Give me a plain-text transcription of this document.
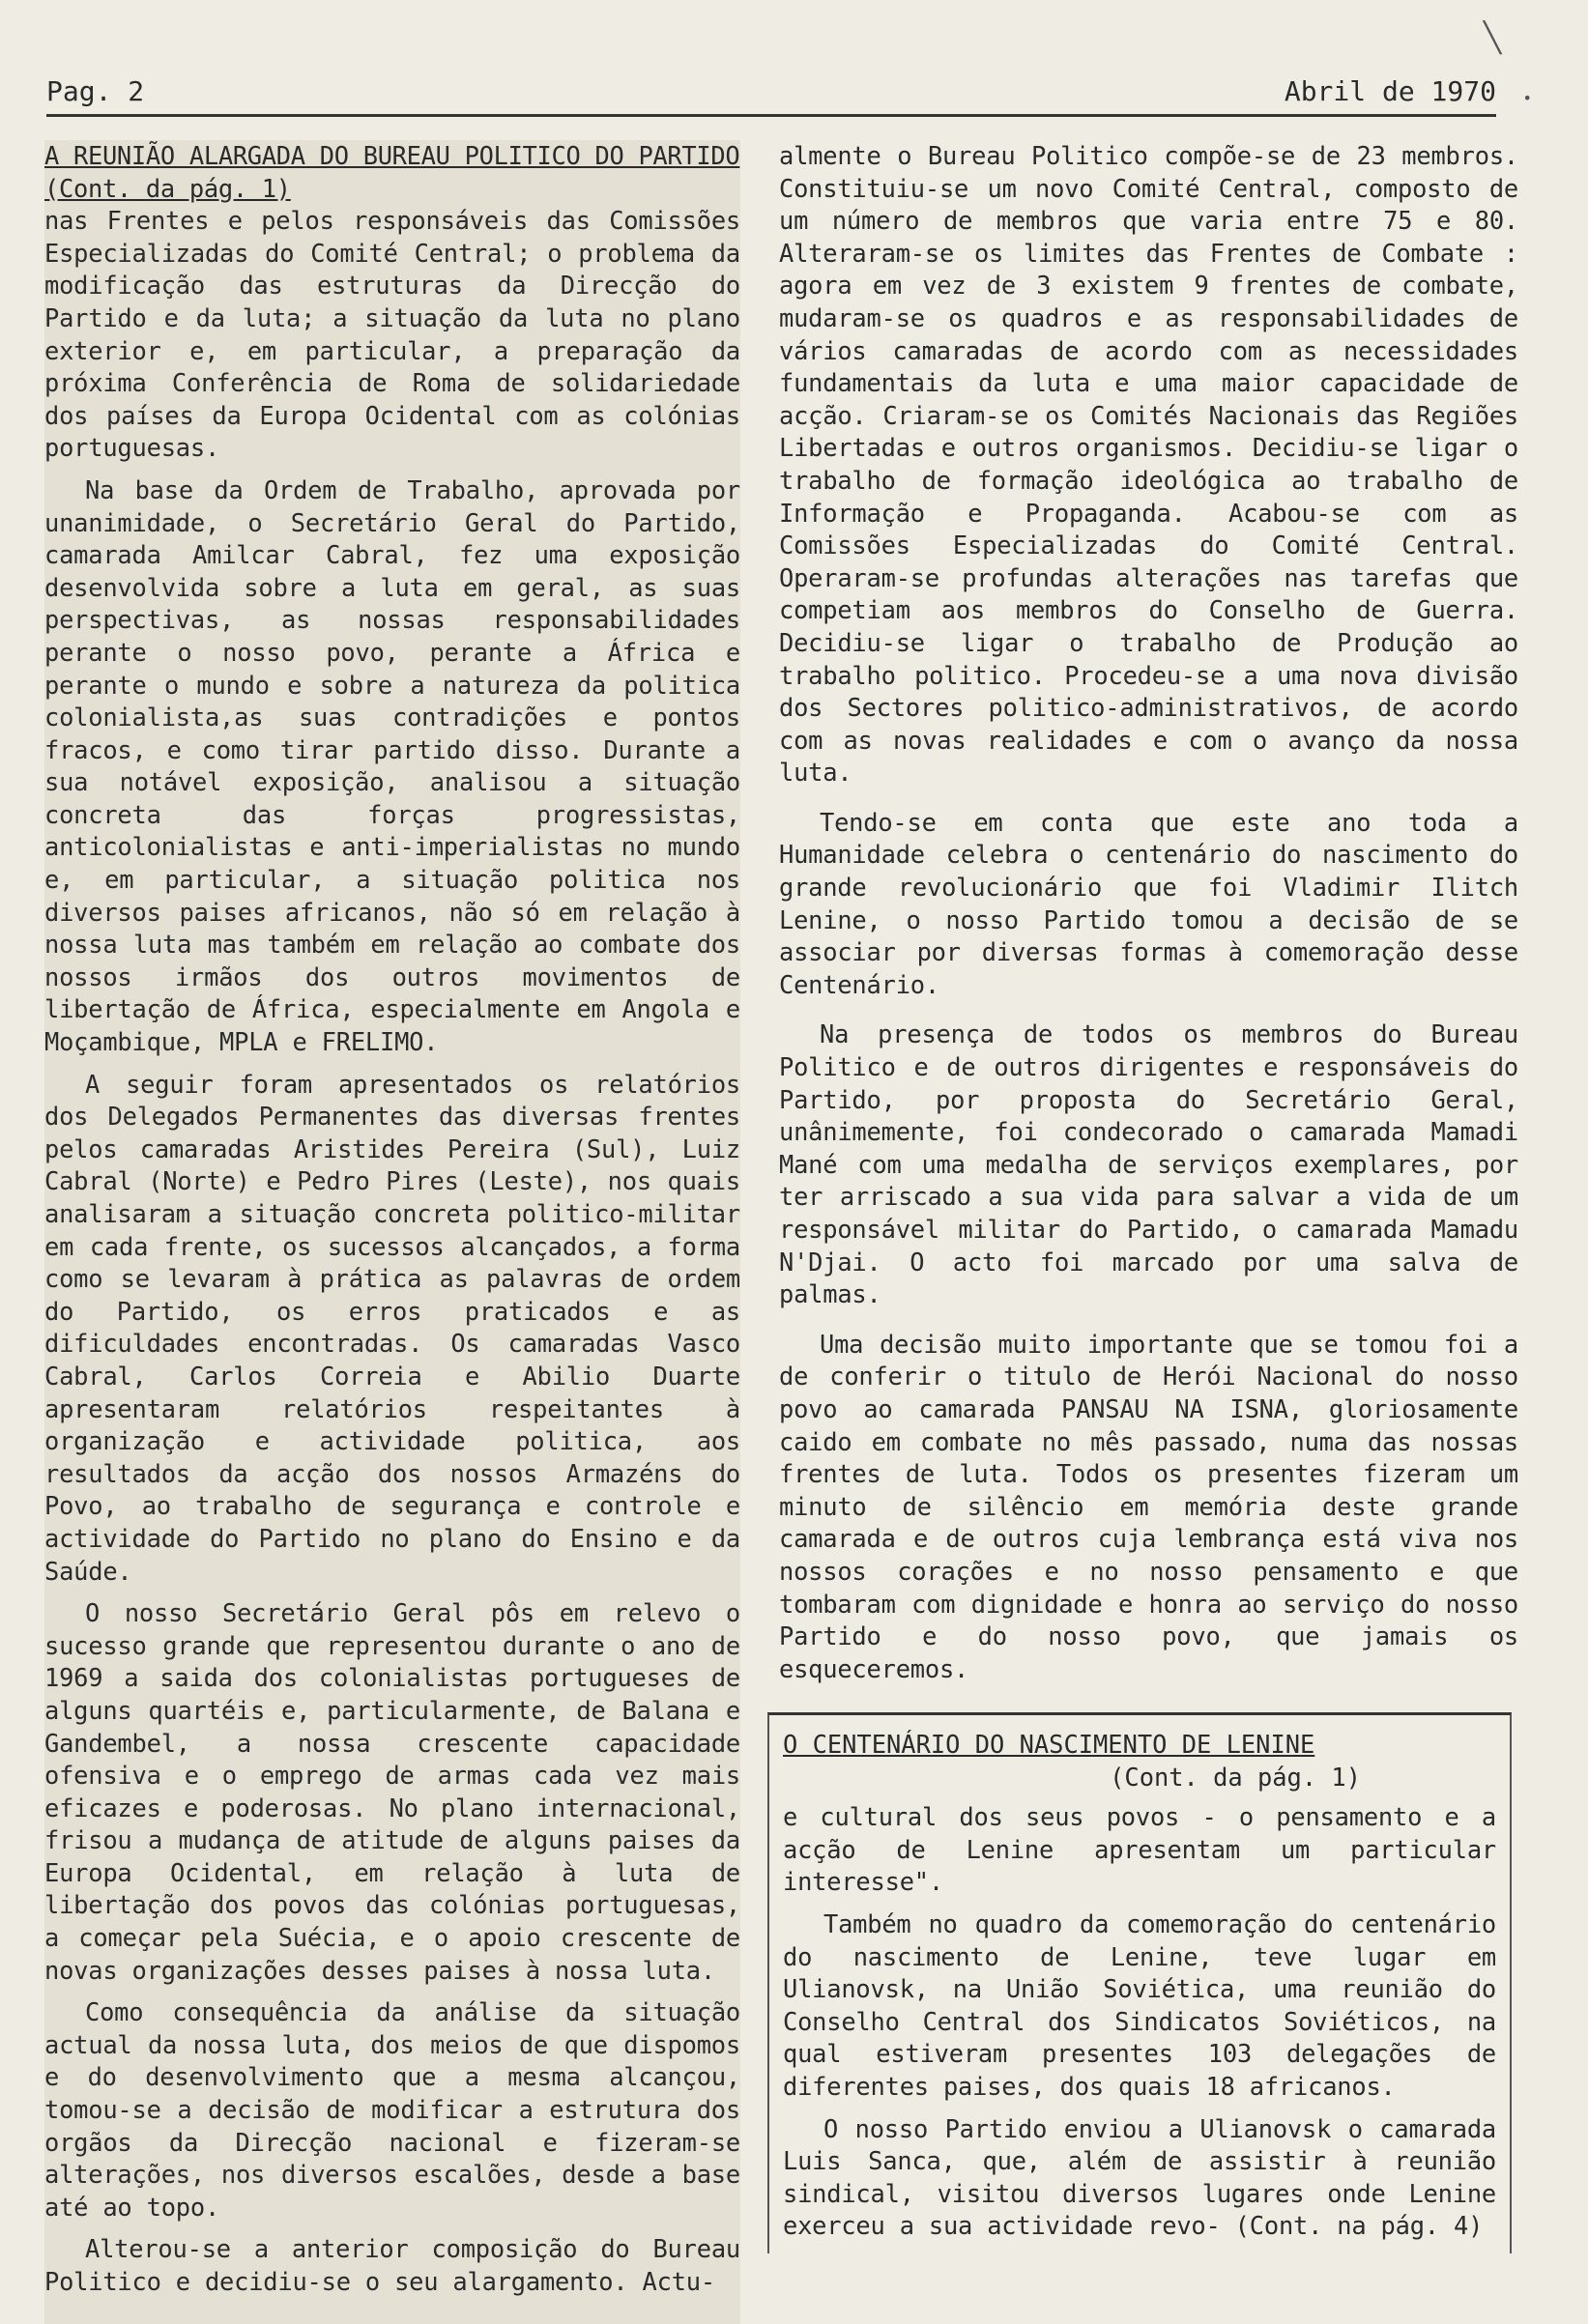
╲
•
Pag. 2	Abril de 1970
A REUNIÃO ALARGADA DO BUREAU POLITICO DO PARTIDO (Cont. da pág. 1)

nas Frentes e pelos responsáveis das Comissões Especializadas do Comité Central; o problema da modificação das estruturas da Direcção do Partido e da luta; a situação da luta no plano exterior e, em particular, a preparação da próxima Conferência de Roma de solidariedade dos países da Europa Ocidental com as colónias portuguesas.

Na base da Ordem de Trabalho, aprovada por unanimidade, o Secretário Geral do Partido, camarada Amilcar Cabral, fez uma exposição desenvolvida sobre a luta em geral, as suas perspectivas, as nossas responsabilidades perante o nosso povo, perante a África e perante o mundo e sobre a natureza da politica colonialista,as suas contradições e pontos fracos, e como tirar partido disso. Durante a sua notável exposição, analisou a situação concreta das forças progressistas, anticolonialistas e anti-imperialistas no mundo e, em particular, a situação politica nos diversos paises africanos, não só em relação à nossa luta mas também em relação ao combate dos nossos irmãos dos outros movimentos de libertação de África, especialmente em Angola e Moçambique, MPLA e FRELIMO.

A seguir foram apresentados os relatórios dos Delegados Permanentes das diversas frentes pelos camaradas Aristides Pereira (Sul), Luiz Cabral (Norte) e Pedro Pires (Leste), nos quais analisaram a situação concreta politico-militar em cada frente, os sucessos alcançados, a forma como se levaram à prática as palavras de ordem do Partido, os erros praticados e as dificuldades encontradas. Os camaradas Vasco Cabral, Carlos Correia e Abilio Duarte apresentaram relatórios respeitantes à organização e actividade politica, aos resultados da acção dos nossos Armazéns do Povo, ao trabalho de segurança e controle e actividade do Partido no plano do Ensino e da Saúde.

O nosso Secretário Geral pôs em relevo o sucesso grande que representou durante o ano de 1969 a saida dos colonialistas portugueses de alguns quartéis e, particularmente, de Balana e Gandembel, a nossa crescente capacidade ofensiva e o emprego de armas cada vez mais eficazes e poderosas. No plano internacional, frisou a mudança de atitude de alguns paises da Europa Ocidental, em relação à luta de libertação dos povos das colónias portuguesas, a começar pela Suécia, e o apoio crescente de novas organizações desses paises à nossa luta.

Como consequência da análise da situação actual da nossa luta, dos meios de que dispomos e do desenvolvimento que a mesma alcançou, tomou-se a decisão de modificar a estrutura dos orgãos da Direcção nacional e fizeram-se alterações, nos diversos escalões, desde a base até ao topo.

Alterou-se a anterior composição do Bureau Politico e decidiu-se o seu alargamento. Actu-

almente o Bureau Politico compõe-se de 23 membros. Constituiu-se um novo Comité Central, composto de um número de membros que varia entre 75 e 80. Alteraram-se os limites das Frentes de Combate : agora em vez de 3 existem 9 frentes de combate, mudaram-se os quadros e as responsabilidades de vários camaradas de acordo com as necessidades fundamentais da luta e uma maior capacidade de acção. Criaram-se os Comités Nacionais das Regiões Libertadas e outros organismos. Decidiu-se ligar o trabalho de formação ideológica ao trabalho de Informação e Propaganda. Acabou-se com as Comissões Especializadas do Comité Central. Operaram-se profundas alterações nas tarefas que competiam aos membros do Conselho de Guerra. Decidiu-se ligar o trabalho de Produção ao trabalho politico. Procedeu-se a uma nova divisão dos Sectores politico-administrativos, de acordo com as novas realidades e com o avanço da nossa luta.

Tendo-se em conta que este ano toda a Humanidade celebra o centenário do nascimento do grande revolucionário que foi Vladimir Ilitch Lenine, o nosso Partido tomou a decisão de se associar por diversas formas à comemoração desse Centenário.

Na presença de todos os membros do Bureau Politico e de outros dirigentes e responsáveis do Partido, por proposta do Secretário Geral, unânimemente, foi condecorado o camarada Mamadi Mané com uma medalha de serviços exemplares, por ter arriscado a sua vida para salvar a vida de um responsável militar do Partido, o camarada Mamadu N'Djai. O acto foi marcado por uma salva de palmas.

Uma decisão muito importante que se tomou foi a de conferir o titulo de Herói Nacional do nosso povo ao camarada PANSAU NA ISNA, gloriosamente caido em combate no mês passado, numa das nossas frentes de luta. Todos os presentes fizeram um minuto de silêncio em memória deste grande camarada e de outros cuja lembrança está viva nos nossos corações e no nosso pensamento e que tombaram com dignidade e honra ao serviço do nosso Partido e do nosso povo, que jamais os esqueceremos.

O CENTENÁRIO DO NASCIMENTO DE LENINE
(Cont. da pág. 1)

e cultural dos seus povos - o pensamento e a acção de Lenine apresentam um particular interesse".

Também no quadro da comemoração do centenário do nascimento de Lenine, teve lugar em Ulianovsk, na União Soviética, uma reunião do Conselho Central dos Sindicatos Soviéticos, na qual estiveram presentes 103 delegações de diferentes paises, dos quais 18 africanos.

O nosso Partido enviou a Ulianovsk o camarada Luis Sanca, que, além de assistir à reunião sindical, visitou diversos lugares onde Lenine exerceu a sua actividade revo- (Cont. na pág. 4)
